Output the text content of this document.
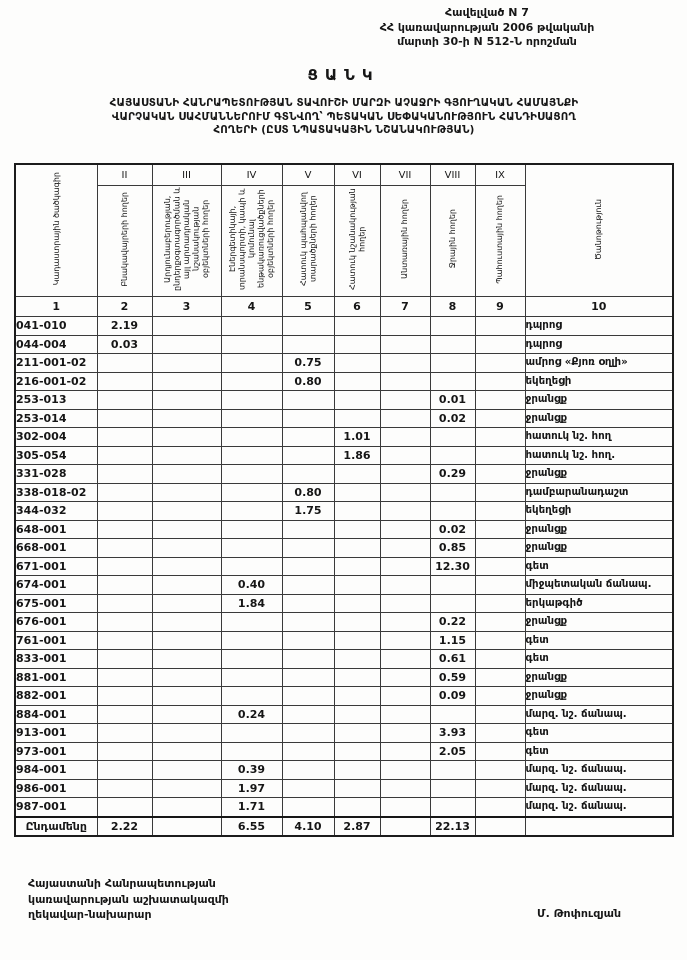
Հավելված N 7
ՀՀ կառավարության 2006 թվականի
մարտի 30-ի N 512-Ն որոշման
ՑԱՆԿ
ՀԱՅԱՍՏԱՆԻ ՀԱՆՐԱՊԵՏՈՒԹՅԱՆ ՏԱՎՈՒՇԻ ՄԱՐԶԻ ԱՉԱՋՐԻ ԳՅՈՒՂԱԿԱՆ ՀԱՄԱՅՆՔԻ
ՎԱՐՉԱԿԱՆ ՍԱՀՄԱՆՆԵՐՈՒՄ ԳՏՆՎՈՂ՝ ՊԵՏԱԿԱՆ ՍԵՓԱԿԱՆՈՒԹՅՈՒՆ ՀԱՆԴԻՍԱՑՈՂ
ՀՈՂԵՐԻ (ԸՍՏ ՆՊԱՏԱԿԱՅԻՆ ՆՇԱՆԱԿՈՒԹՅԱՆ)
Կադաստրային ծածկագիր	II	III	IV	V	VI	VII	VIII	IX	Ծանոթություն
	Բնակավայրերի հողեր	Արդյունաբերության, ընդերքօգտագործման և այլ արտադրական նշանակության օբյեկտների հողեր	Էներգետիկայի, տրանսպորտի, կապի և կոմունալ ենթակառուցվածքների օբյեկտների հողեր	Հատուկ պահպանվող տարածքների հողեր	Հատուկ նշանակության հողեր	Անտառային հողեր	Ջրային հողեր	Պահուստային հողեր	
1	2	3	4	5	6	7	8	9	10
041-010	2.19								դպրոց
044-004	0.03								դպրոց
211-001-02				0.75					ամրոց «Քյոռ օղլի»
216-001-02				0.80					եկեղեցի
253-013							0.01		ջրանցք
253-014							0.02		ջրանցք
302-004					1.01				հատուկ նշ. հող
305-054					1.86				հատուկ նշ. հող.
331-028							0.29		ջրանցք
338-018-02				0.80					դամբարանադաշտ
344-032				1.75					եկեղեցի
648-001							0.02		ջրանցք
668-001							0.85		ջրանցք
671-001							12.30		գետ
674-001			0.40						միջպետական ճանապ.
675-001			1.84						երկաթգիծ
676-001							0.22		ջրանցք
761-001							1.15		գետ
833-001							0.61		գետ
881-001							0.59		ջրանցք
882-001							0.09		ջրանցք
884-001			0.24						մարզ. նշ. ճանապ.
913-001							3.93		գետ
973-001							2.05		գետ
984-001			0.39						մարզ. նշ. ճանապ.
986-001			1.97						մարզ. նշ. ճանապ.
987-001			1.71						մարզ. նշ. ճանապ.
Ընդամենը	2.22		6.55	4.10	2.87		22.13		
Հայաստանի Հանրապետության
կառավարության աշխատակազմի
ղեկավար-նախարար	Մ. Թոփուզյան
